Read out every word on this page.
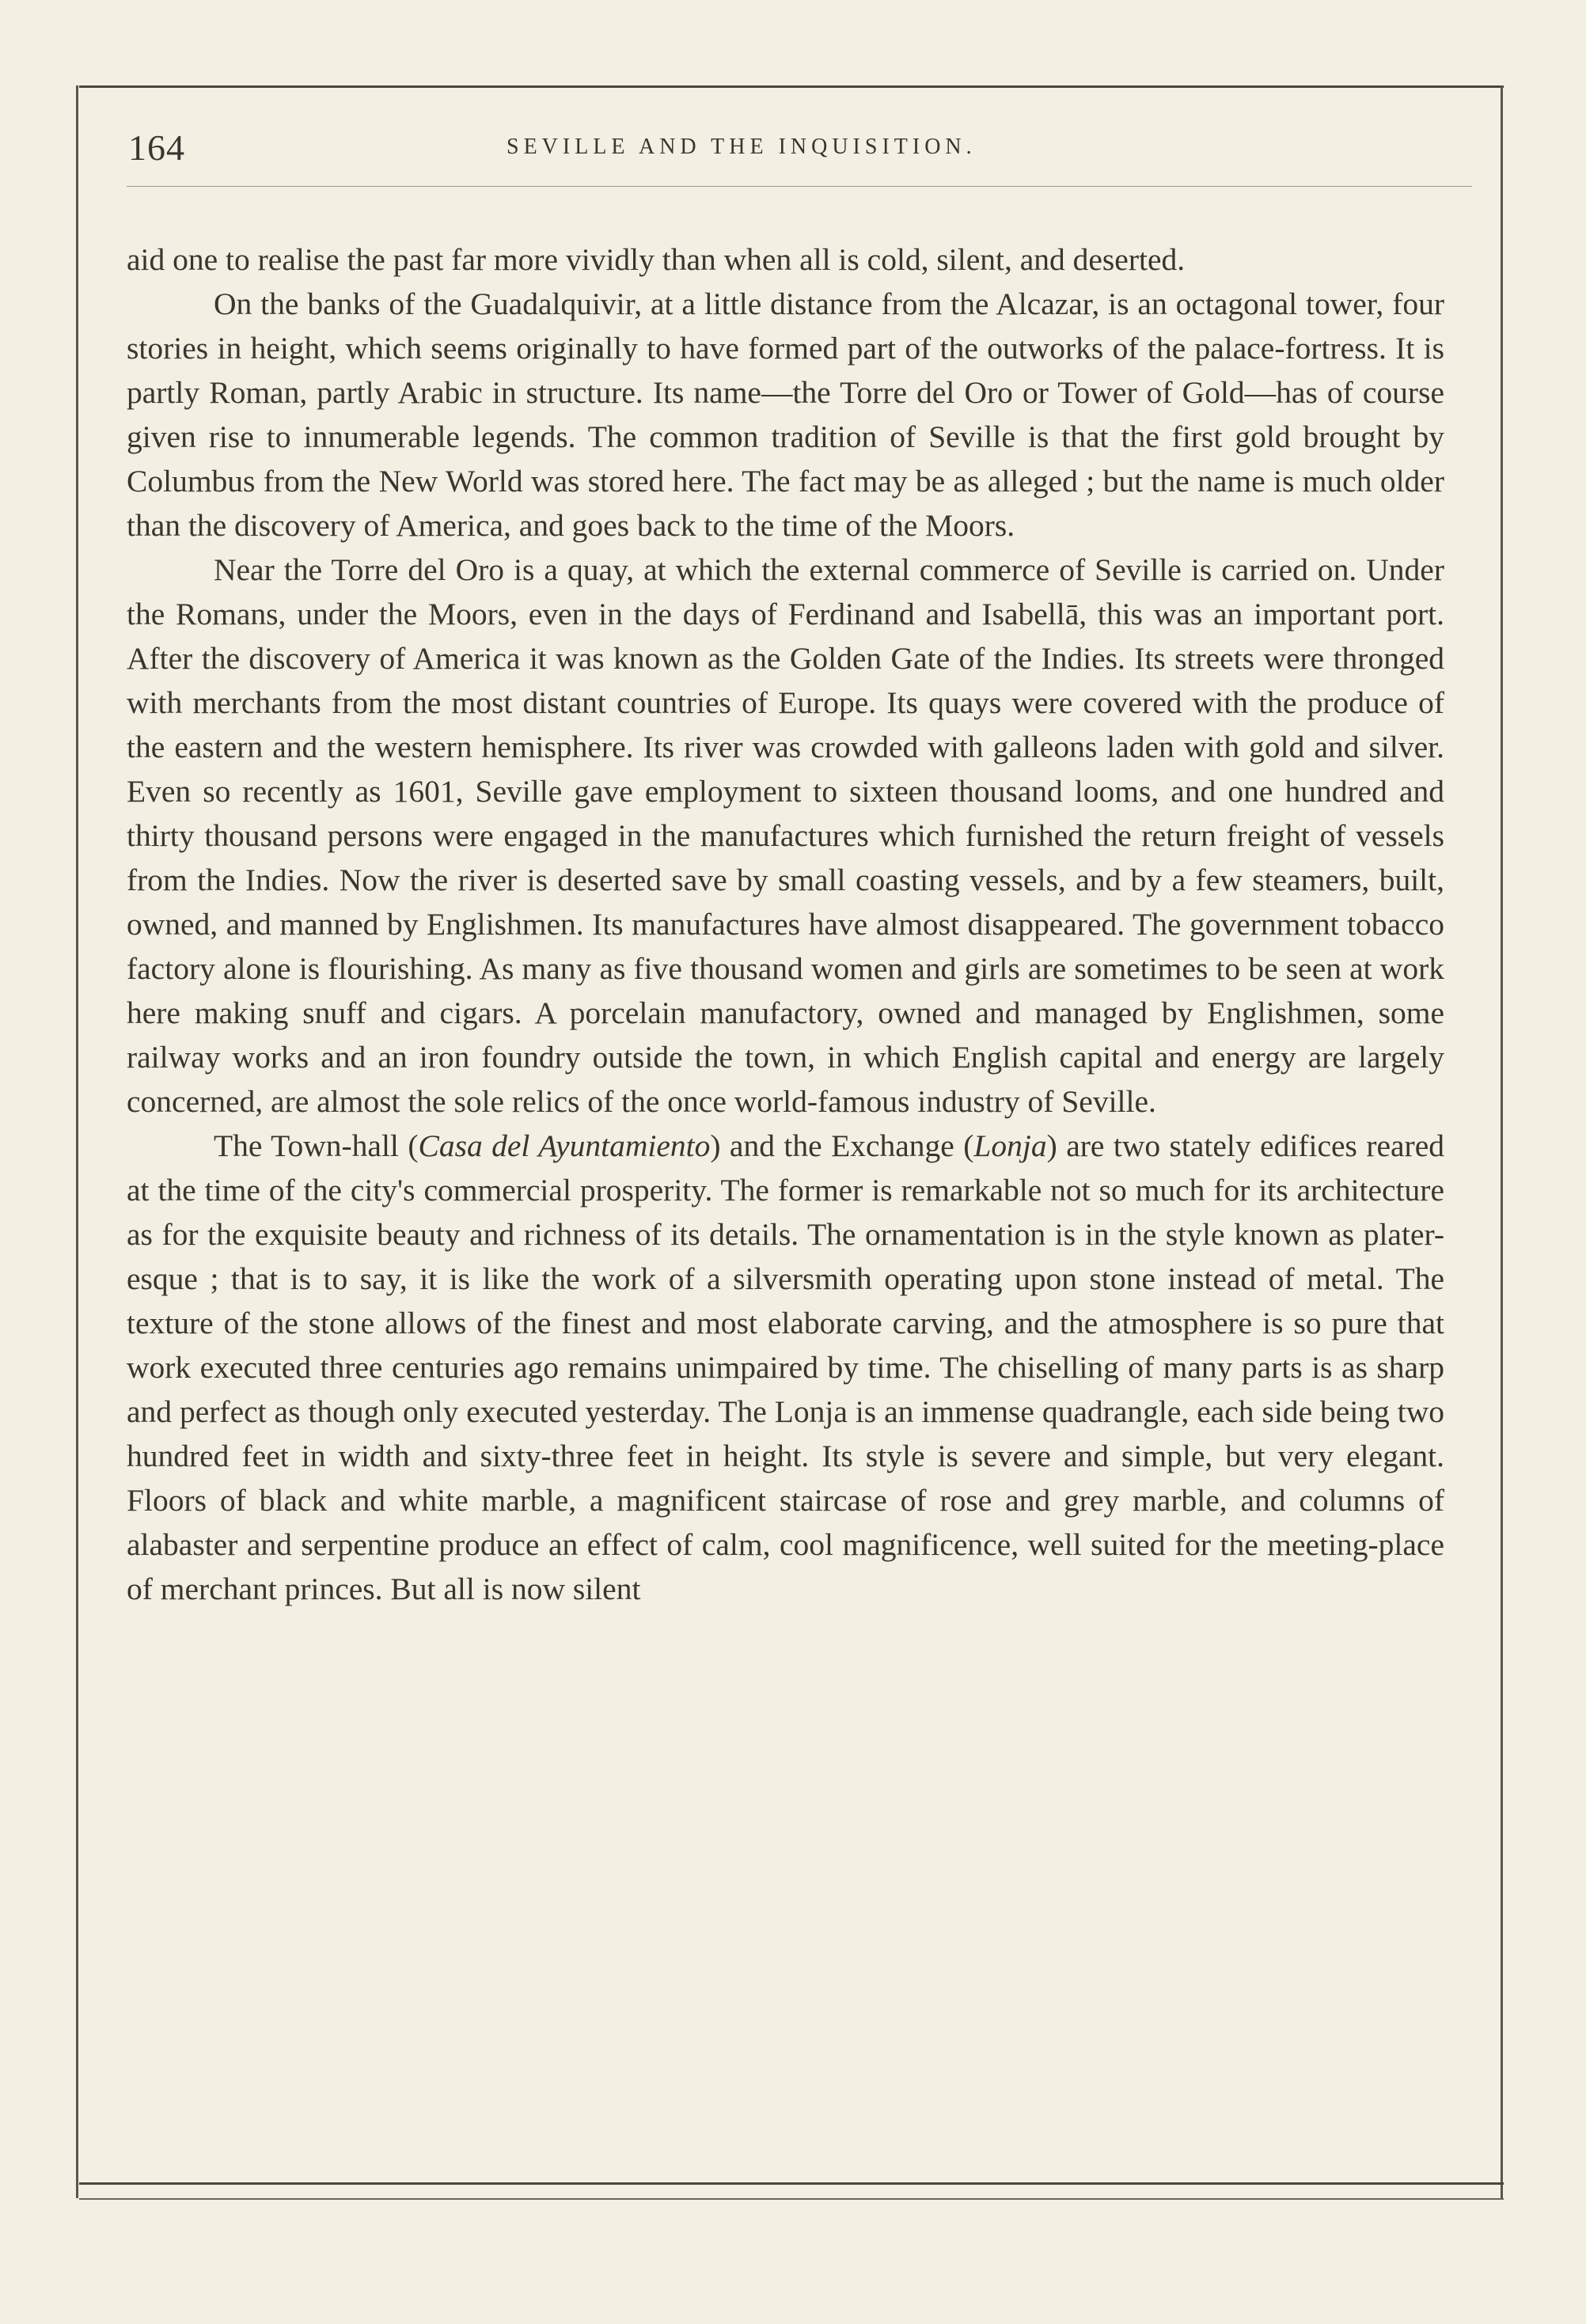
164	SEVILLE AND THE INQUISITION.

aid one to realise the past far more vividly than when all is cold, silent, and deserted.

On the banks of the Guadalquivir, at a little distance from the Alcazar, is an octagonal tower, four stories in height, which seems originally to have formed part of the outworks of the palace-fortress. It is partly Roman, partly Arabic in structure. Its name—the Torre del Oro or Tower of Gold—has of course given rise to innumerable legends. The common tradition of Seville is that the first gold brought by Columbus from the New World was stored here. The fact may be as alleged ; but the name is much older than the discovery of America, and goes back to the time of the Moors.

Near the Torre del Oro is a quay, at which the external commerce of Seville is carried on. Under the Romans, under the Moors, even in the days of Ferdinand and Isabellā, this was an important port. After the discovery of America it was known as the Golden Gate of the Indies. Its streets were thronged with merchants from the most distant countries of Europe. Its quays were covered with the produce of the eastern and the western hemisphere. Its river was crowded with galleons laden with gold and silver. Even so recently as 1601, Seville gave employment to sixteen thousand looms, and one hundred and thirty thousand persons were engaged in the manufactures which furnished the return freight of vessels from the Indies. Now the river is deserted save by small coasting vessels, and by a few steamers, built, owned, and manned by Englishmen. Its manufactures have almost disappeared. The government tobacco factory alone is flourishing. As many as five thousand women and girls are sometimes to be seen at work here making snuff and cigars. A porcelain manufactory, owned and managed by Englishmen, some railway works and an iron foundry outside the town, in which English capital and energy are largely concerned, are almost the sole relics of the once world-famous industry of Seville.

The Town-hall (Casa del Ayuntamiento) and the Exchange (Lonja) are two stately edifices reared at the time of the city's commercial prosperity. The former is remarkable not so much for its architecture as for the exquisite beauty and richness of its details. The ornamentation is in the style known as plater-esque ; that is to say, it is like the work of a silversmith operating upon stone instead of metal. The texture of the stone allows of the finest and most elaborate carving, and the atmosphere is so pure that work executed three centuries ago remains unimpaired by time. The chiselling of many parts is as sharp and perfect as though only executed yesterday. The Lonja is an immense quadrangle, each side being two hundred feet in width and sixty-three feet in height. Its style is severe and simple, but very elegant. Floors of black and white marble, a magnificent staircase of rose and grey marble, and columns of alabaster and serpentine produce an effect of calm, cool magnificence, well suited for the meeting-place of merchant princes. But all is now silent
